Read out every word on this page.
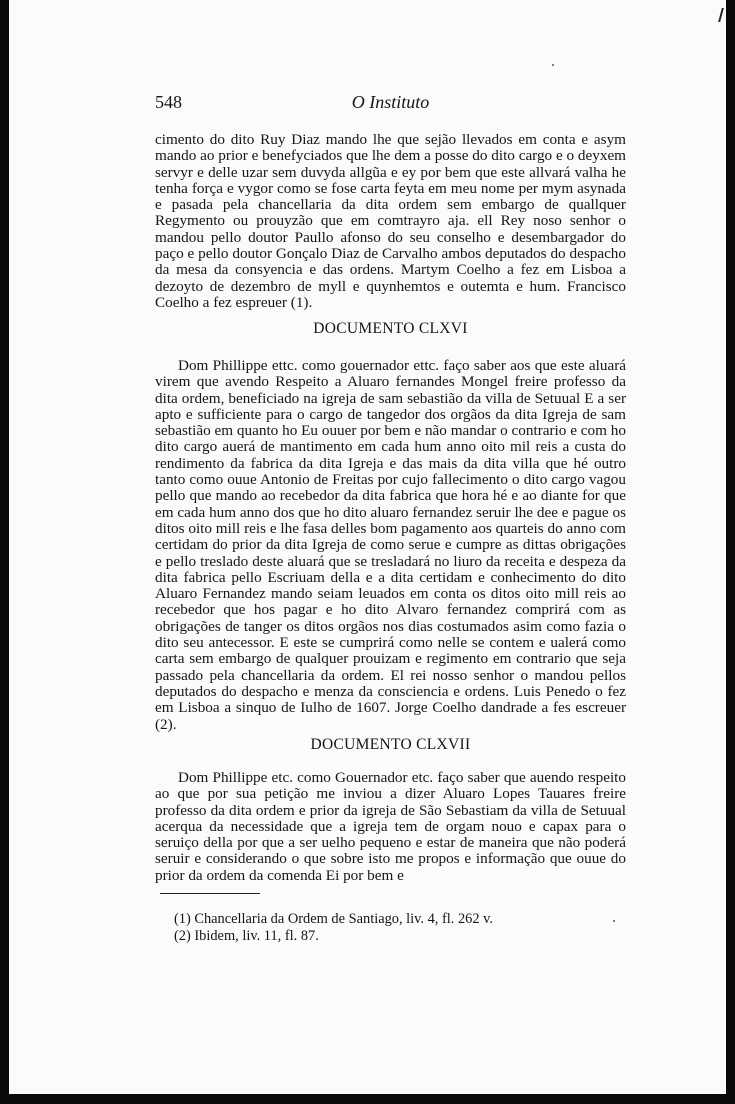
548	O Instituto

cimento do dito Ruy Diaz mando lhe que sejão llevados em conta e asym mando ao prior e benefyciados que lhe dem a posse do dito cargo e o deyxem servyr e delle uzar sem duvyda allgũa e ey por bem que este allvará valha he tenha força e vygor como se fose carta feyta em meu nome per mym asynada e pasada pela chancellaria da dita ordem sem embargo de quallquer Regymento ou prouyzão que em comtrayro aja. ell Rey noso senhor o mandou pello doutor Paullo afonso do seu conselho e desembargador do paço e pello doutor Gonçalo Diaz de Carvalho ambos deputados do despacho da mesa da consyencia e das ordens. Martym Coelho a fez em Lisboa a dezoyto de dezembro de myll e quynhemtos e outemta e hum. Francisco Coelho a fez espreuer (1).

DOCUMENTO CLXVI

Dom Phillippe ettc. como gouernador ettc. faço saber aos que este aluará virem que avendo Respeito a Aluaro fernandes Mongel freire professo da dita ordem, beneficiado na igreja de sam sebastião da villa de Setuual E a ser apto e sufficiente para o cargo de tangedor dos orgãos da dita Igreja de sam sebastião em quanto ho Eu ouuer por bem e não mandar o contrario e com ho dito cargo auerá de mantimento em cada hum anno oito mil reis a custa do rendimento da fabrica da dita Igreja e das mais da dita villa que hé outro tanto como ouue Antonio de Freitas por cujo fallecimento o dito cargo vagou pello que mando ao recebedor da dita fabrica que hora hé e ao diante for que em cada hum anno dos que ho dito aluaro fernandez seruir lhe dee e pague os ditos oito mill reis e lhe fasa delles bom pagamento aos quarteis do anno com certidam do prior da dita Igreja de como serue e cumpre as dittas obrigações e pello treslado deste aluará que se tresladará no liuro da receita e despeza da dita fabrica pello Escriuam della e a dita certidam e conhecimento do dito Aluaro Fernandez mando seiam leuados em conta os ditos oito mill reis ao recebedor que hos pagar e ho dito Alvaro fernandez comprirá com as obrigações de tanger os ditos orgãos nos dias costumados asim como fazia o dito seu antecessor. E este se cumprirá como nelle se contem e ualerá como carta sem embargo de qualquer prouizam e regimento em contrario que seja passado pela chancellaria da ordem. El rei nosso senhor o mandou pellos deputados do despacho e menza da consciencia e ordens. Luis Penedo o fez em Lisboa a sinquo de Iulho de 1607. Jorge Coelho dandrade a fes escreuer (2).

DOCUMENTO CLXVII

Dom Phillippe etc. como Gouernador etc. faço saber que auendo respeito ao que por sua petição me inviou a dizer Aluaro Lopes Tauares freire professo da dita ordem e prior da igreja de São Sebastiam da villa de Setuual acerqua da necessidade que a igreja tem de orgam nouo e capax para o seruiço della por que a ser uelho pequeno e estar de maneira que não poderá seruir e considerando o que sobre isto me propos e informação que ouue do prior da ordem da comenda Ei por bem e

(1) Chancellaria da Ordem de Santiago, liv. 4, fl. 262 v.

(2) Ibidem, liv. 11, fl. 87.
